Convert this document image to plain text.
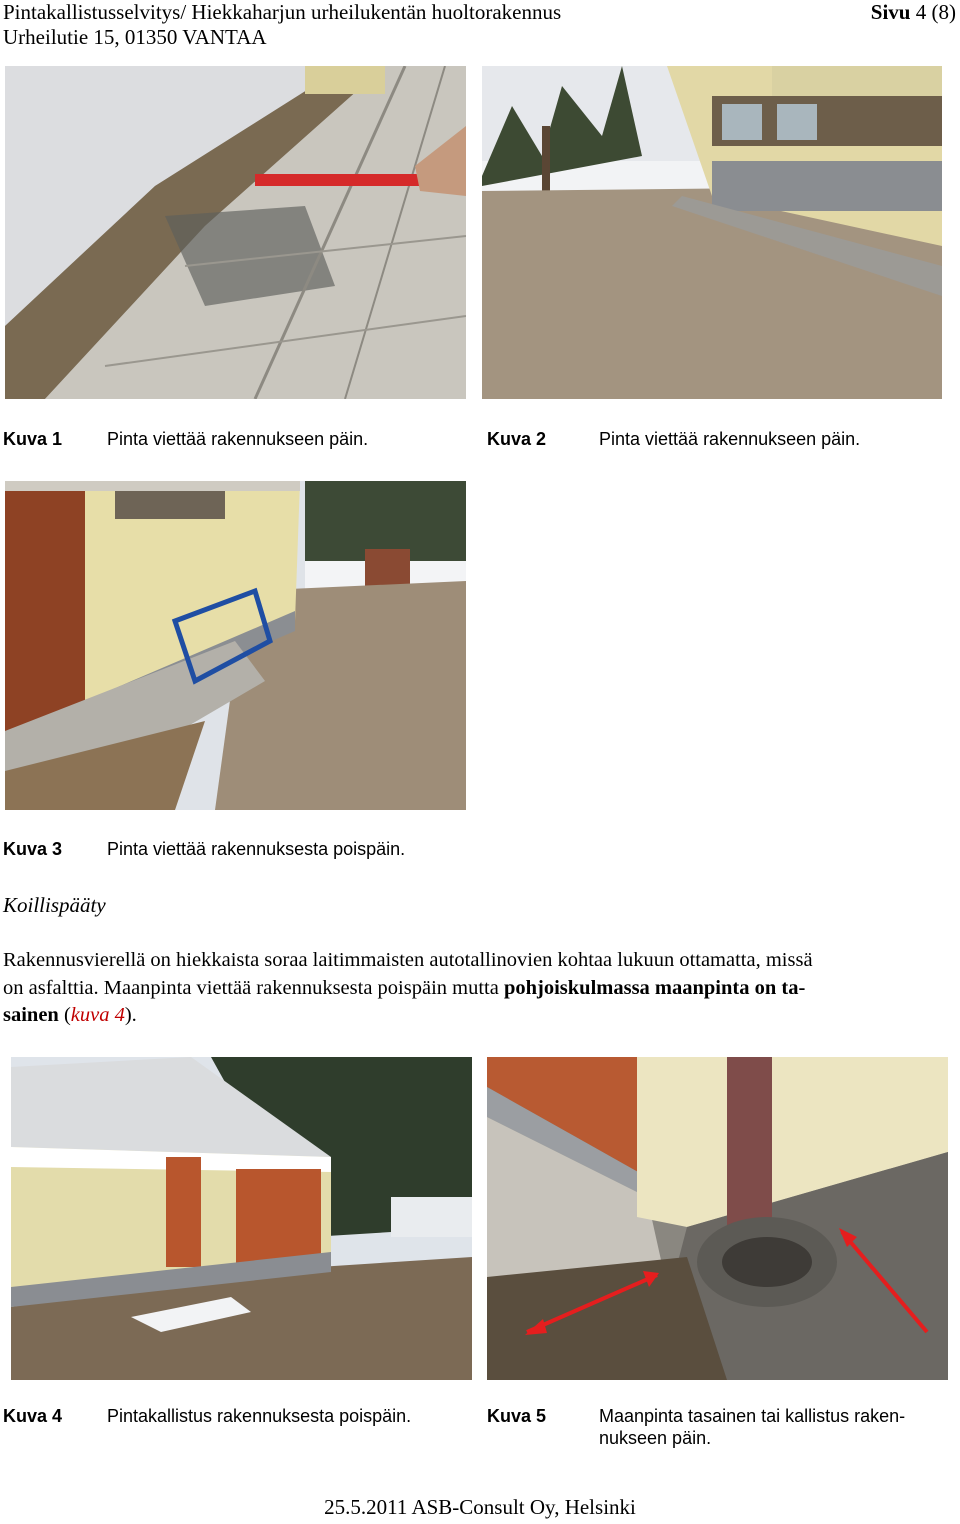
Pintakallistusselvitys/ Hiekkaharjun urheilukentän huoltorakennus
Urheilutie 15, 01350 VANTAA
Sivu 4 (8)
Kuva 1 Pinta viettää rakennukseen päin.	Kuva 2	Pinta viettää rakennukseen päin.
Kuva 3 Pinta viettää rakennuksesta poispäin.
Koillispääty
Rakennusvierellä on hiekkaista soraa laitimmaisten autotallinovien kohtaa lukuun ottamatta, missä
on asfalttia. Maanpinta viettää rakennuksesta poispäin mutta pohjoiskulmassa maanpinta on ta-
sainen (kuva 4).
Kuva 4 Pintakallistus rakennuksesta poispäin.	Kuva 5	Maanpinta tasainen tai kallistus raken-
nukseen päin.
25.5.2011 ASB-Consult Oy, Helsinki
